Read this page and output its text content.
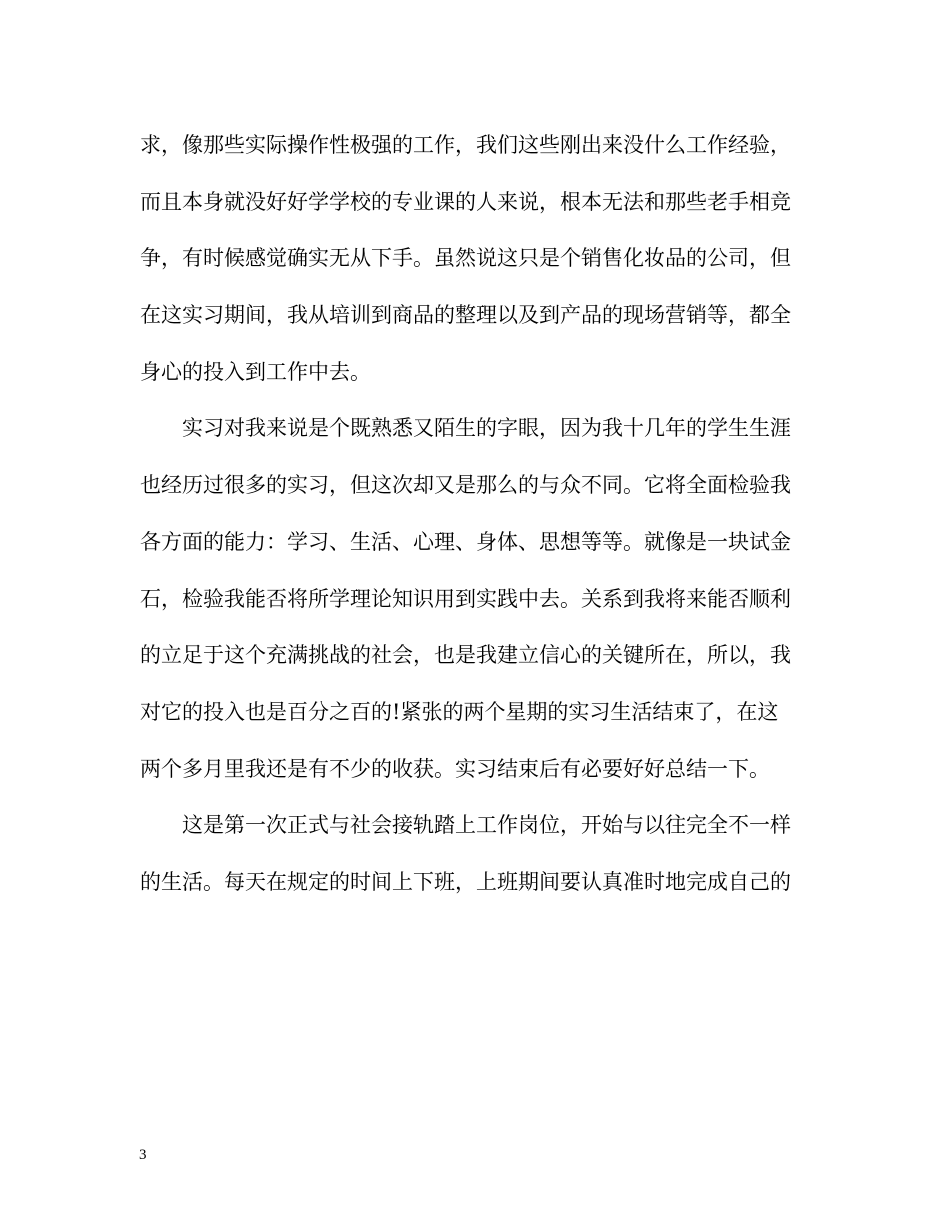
求，像那些实际操作性极强的工作，我们这些刚出来没什么工作经验，
而且本身就没好好学学校的专业课的人来说，根本无法和那些老手相竞
争，有时候感觉确实无从下手。虽然说这只是个销售化妆品的公司，但
在这实习期间，我从培训到商品的整理以及到产品的现场营销等，都全
身心的投入到工作中去。
实习对我来说是个既熟悉又陌生的字眼，因为我十几年的学生生涯
也经历过很多的实习，但这次却又是那么的与众不同。它将全面检验我
各方面的能力：学习、生活、心理、身体、思想等等。就像是一块试金
石，检验我能否将所学理论知识用到实践中去。关系到我将来能否顺利
的立足于这个充满挑战的社会，也是我建立信心的关键所在，所以，我
对它的投入也是百分之百的!紧张的两个星期的实习生活结束了，在这
两个多月里我还是有不少的收获。实习结束后有必要好好总结一下。
这是第一次正式与社会接轨踏上工作岗位，开始与以往完全不一样
的生活。每天在规定的时间上下班，上班期间要认真准时地完成自己的
3
